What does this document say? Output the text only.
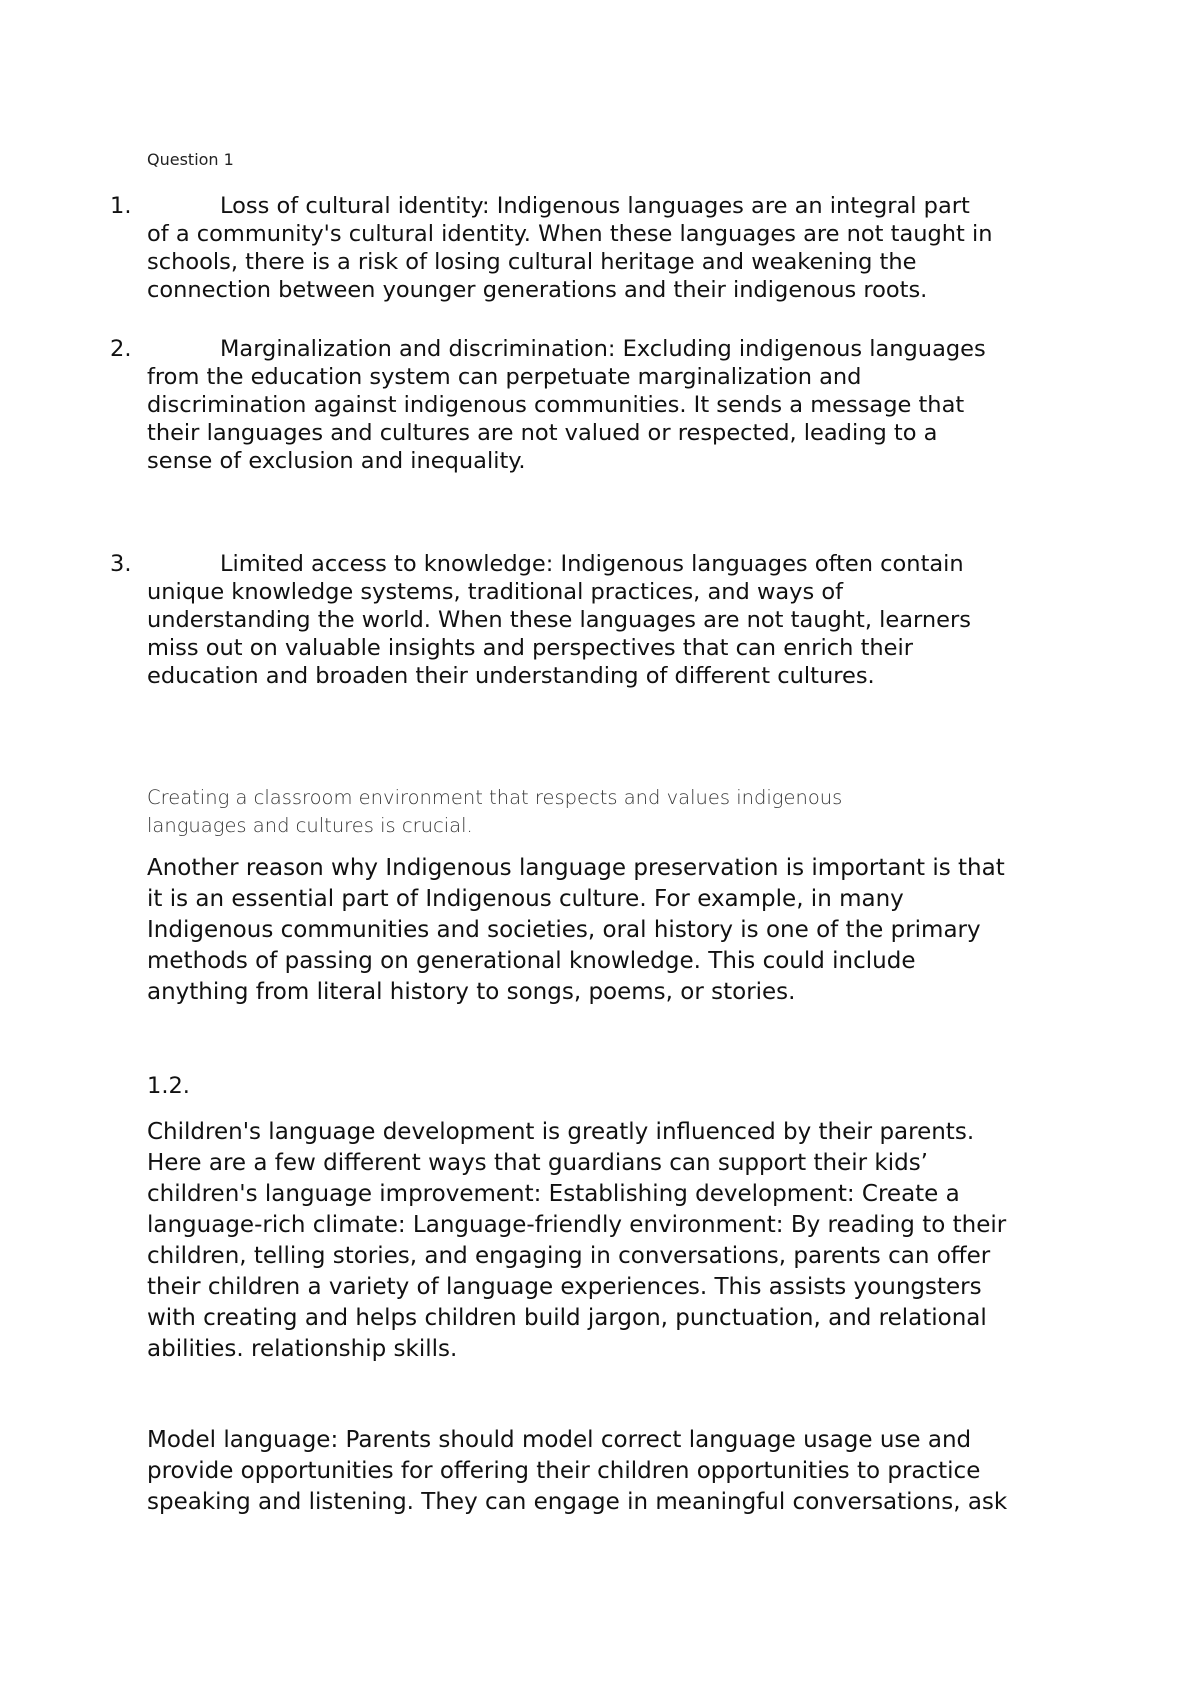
Question 1
1.	Loss of cultural identity: Indigenous languages are an integral part
of a community's cultural identity. When these languages are not taught in
schools, there is a risk of losing cultural heritage and weakening the
connection between younger generations and their indigenous roots.
2.	Marginalization and discrimination: Excluding indigenous languages
from the education system can perpetuate marginalization and
discrimination against indigenous communities. It sends a message that
their languages and cultures are not valued or respected, leading to a
sense of exclusion and inequality.
3.	Limited access to knowledge: Indigenous languages often contain
unique knowledge systems, traditional practices, and ways of
understanding the world. When these languages are not taught, learners
miss out on valuable insights and perspectives that can enrich their
education and broaden their understanding of different cultures.
Creating a classroom environment that respects and values indigenous
languages and cultures is crucial.
Another reason why Indigenous language preservation is important is that
it is an essential part of Indigenous culture. For example, in many
Indigenous communities and societies, oral history is one of the primary
methods of passing on generational knowledge. This could include
anything from literal history to songs, poems, or stories.
1.2.
Children's language development is greatly influenced by their parents.
Here are a few different ways that guardians can support their kids’
children's language improvement: Establishing development: Create a
language-rich climate: Language-friendly environment: By reading to their
children, telling stories, and engaging in conversations, parents can offer
their children a variety of language experiences. This assists youngsters
with creating and helps children build jargon, punctuation, and relational
abilities. relationship skills.
Model language: Parents should model correct language usage use and
provide opportunities for offering their children opportunities to practice
speaking and listening. They can engage in meaningful conversations, ask
